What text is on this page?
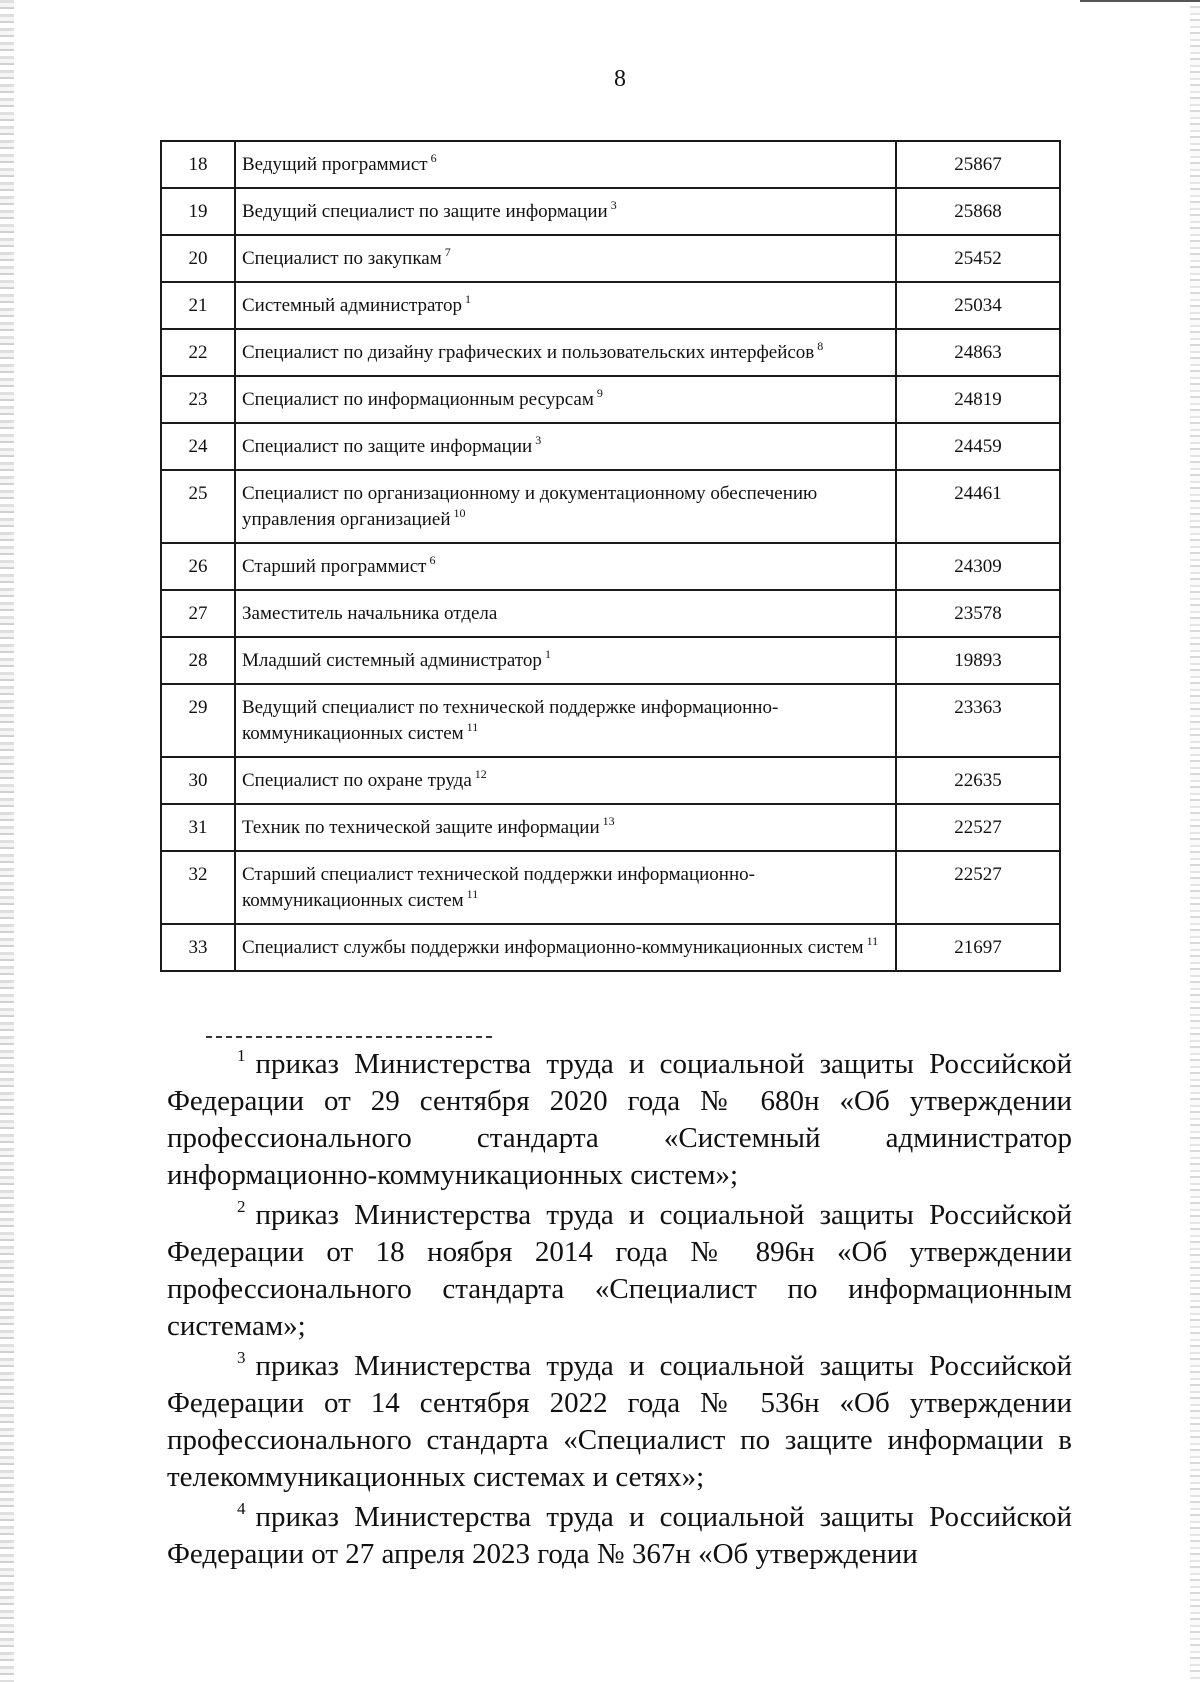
8
18	Ведущий программист $^6$	25867
19	Ведущий специалист по защите информации $^3$	25868
20	Специалист по закупкам $^7$	25452
21	Системный администратор $^1$	25034
22	Специалист по дизайну графических и пользовательских интерфейсов $^8$	24863
23	Специалист по информационным ресурсам $^9$	24819
24	Специалист по защите информации $^3$	24459
25	Специалист по организационному и документационному обеспечению управления организацией $^{10}$	24461
26	Старший программист $^6$	24309
27	Заместитель начальника отдела	23578
28	Младший системный администратор $^1$	19893
29	Ведущий специалист по технической поддержке информационно-коммуникационных систем $^{11}$	23363
30	Специалист по охране труда $^{12}$	22635
31	Техник по технической защите информации $^{13}$	22527
32	Старший специалист технической поддержки информационно-коммуникационных систем $^{11}$	22527
33	Специалист службы поддержки информационно-коммуникационных систем $^{11}$	21697

$^1$ приказ Министерства труда и социальной защиты Российской Федерации от 29 сентября 2020 года № 680н «Об утверждении профессионального стандарта «Системный администратор информационно-коммуникационных систем»;

$^2$ приказ Министерства труда и социальной защиты Российской Федерации от 18 ноября 2014 года № 896н «Об утверждении профессионального стандарта «Специалист по информационным системам»;

$^3$ приказ Министерства труда и социальной защиты Российской Федерации от 14 сентября 2022 года № 536н «Об утверждении профессионального стандарта «Специалист по защите информации в телекоммуникационных системах и сетях»;

$^4$ приказ Министерства труда и социальной защиты Российской Федерации от 27 апреля 2023 года № 367н «Об утверждении
